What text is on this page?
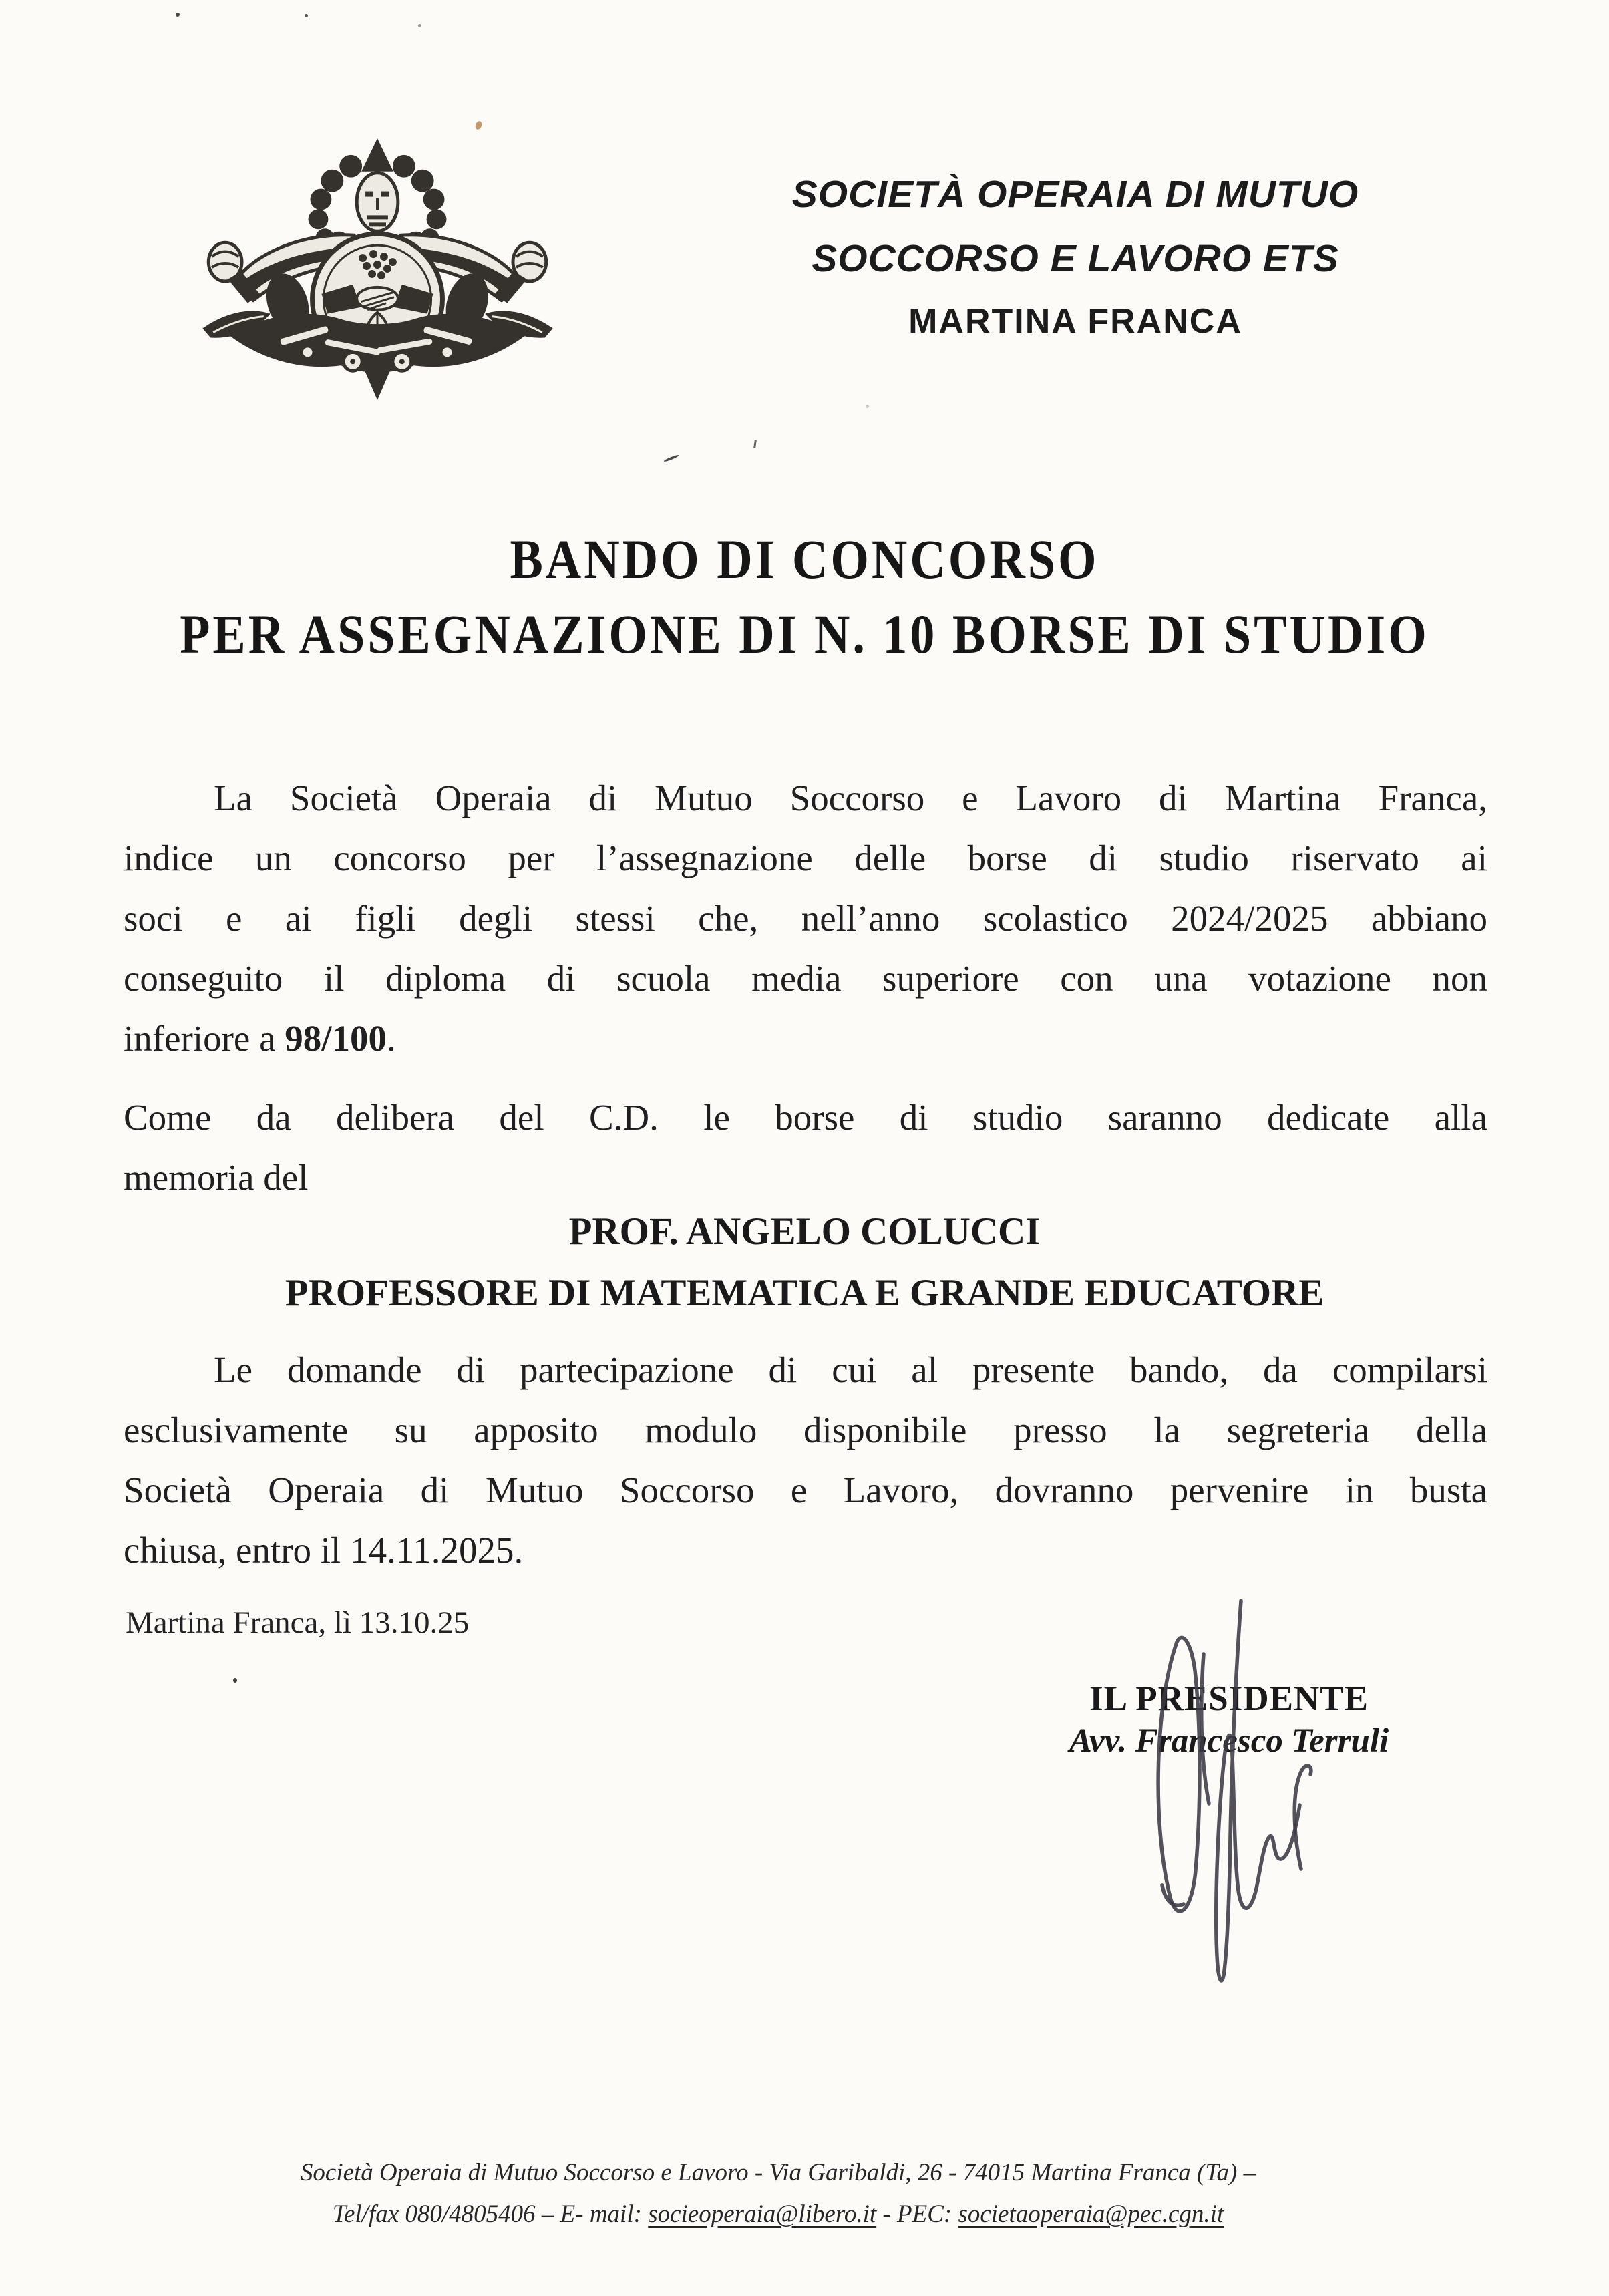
SOCIETÀ OPERAIA DI MUTUO
SOCCORSO E LAVORO ETS
MARTINA FRANCA
BANDO DI CONCORSO
PER ASSEGNAZIONE DI N. 10 BORSE DI STUDIO
La Società Operaia di Mutuo Soccorso e Lavoro di Martina Franca,
indice un concorso per l’assegnazione delle borse di studio riservato ai
soci e ai figli degli stessi che, nell’anno scolastico 2024/2025 abbiano
conseguito il diploma di scuola media superiore con una votazione non
inferiore a 98/100.
Come da delibera del C.D. le borse di studio saranno dedicate alla
memoria del
PROF. ANGELO COLUCCI
PROFESSORE DI MATEMATICA E GRANDE EDUCATORE
Le domande di partecipazione di cui al presente bando, da compilarsi
esclusivamente su apposito modulo disponibile presso la segreteria della
Società Operaia di Mutuo Soccorso e Lavoro, dovranno pervenire in busta
chiusa, entro il 14.11.2025.
Martina Franca, lì 13.10.25
IL PRESIDENTE
Avv. Francesco Terruli
Società Operaia di Mutuo Soccorso e Lavoro - Via Garibaldi, 26 - 74015 Martina Franca (Ta) –
Tel/fax 080/4805406 – E- mail: socieoperaia@libero.it - PEC: societaoperaia@pec.cgn.it
